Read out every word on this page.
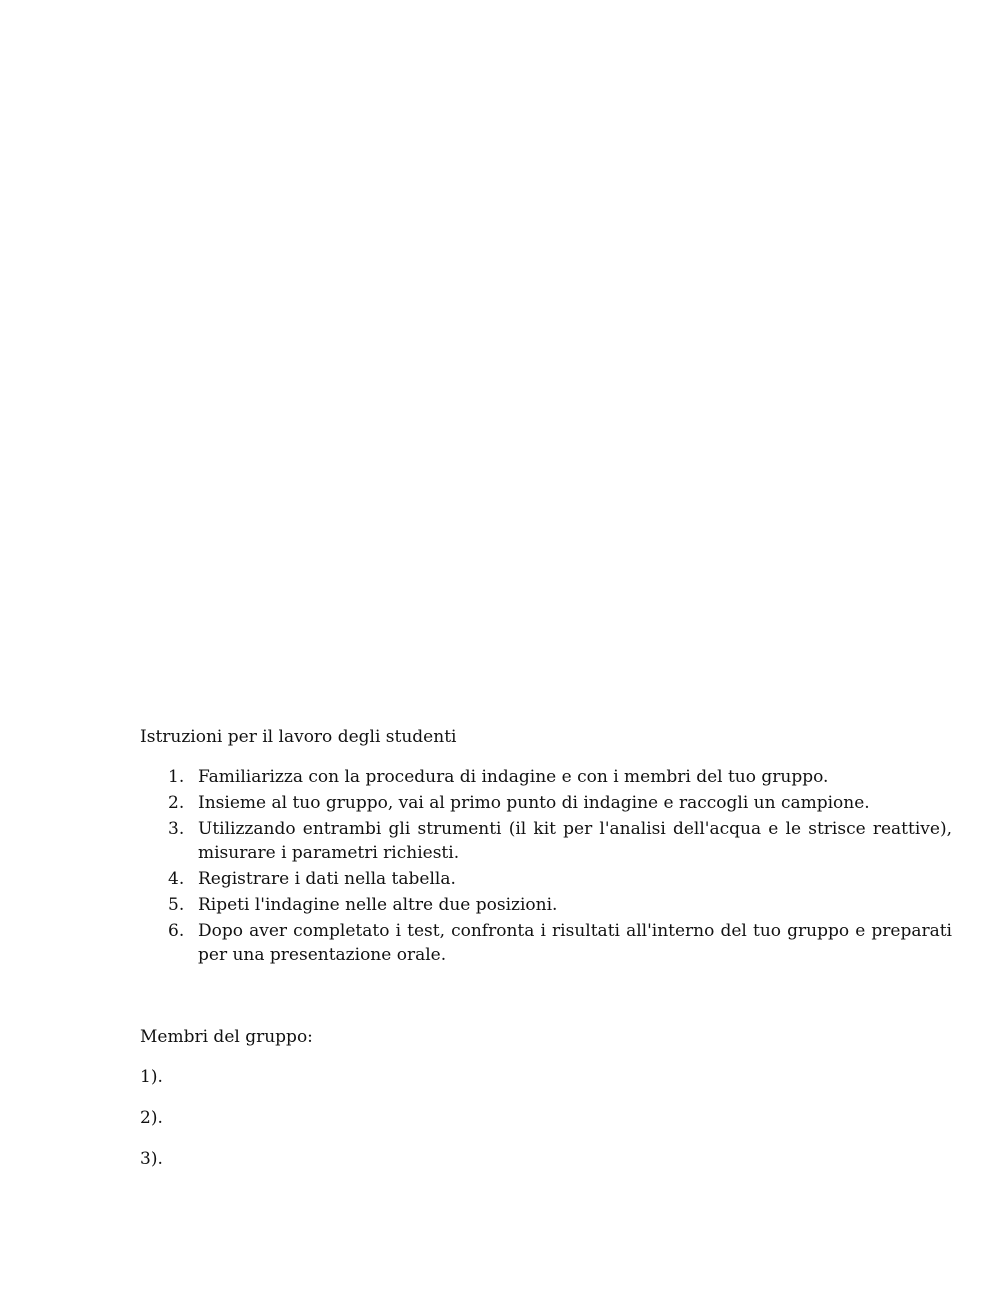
Istruzioni per il lavoro degli studenti

1. Familiarizza con la procedura di indagine e con i membri del tuo gruppo.
2. Insieme al tuo gruppo, vai al primo punto di indagine e raccogli un campione.
3. Utilizzando entrambi gli strumenti (il kit per l'analisi dell'acqua e le strisce reattive), misurare i parametri richiesti.
4. Registrare i dati nella tabella.
5. Ripeti l'indagine nelle altre due posizioni.
6. Dopo aver completato i test, confronta i risultati all'interno del tuo gruppo e preparati per una presentazione orale.

Membri del gruppo:

1).

2).

3).
